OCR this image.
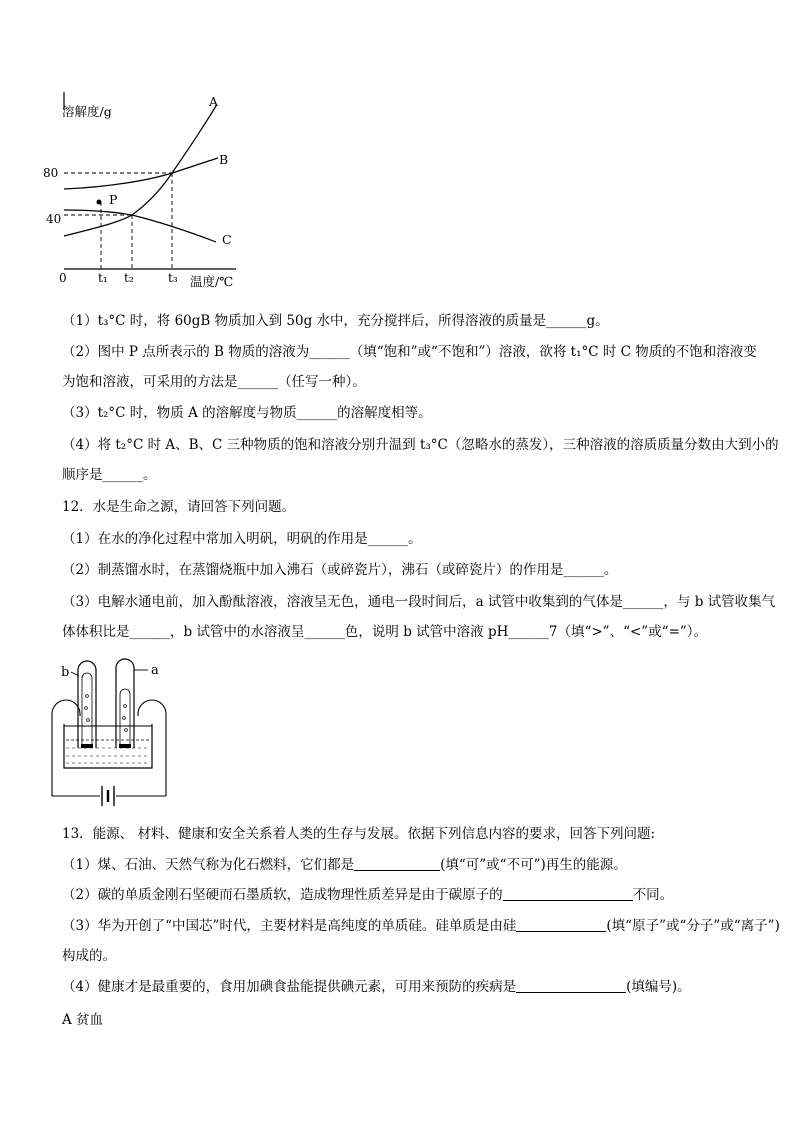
溶解度/g
温度/℃
0
80
40
t₁ t₂	t₃
A
B
C
P
（1）t₃°C 时，将 60gB 物质加入到 50g 水中，充分搅拌后，所得溶液的质量是______g。
（2）图中 P 点所表示的 B 物质的溶液为______（填“饱和”或“不饱和”）溶液，欲将 t₁°C 时 C 物质的不饱和溶液变
为饱和溶液，可采用的方法是______（任写一种）。
（3）t₂°C 时，物质 A 的溶解度与物质______的溶解度相等。
（4）将 t₂°C 时 A、B、C 三种物质的饱和溶液分别升温到 t₃°C（忽略水的蒸发），三种溶液的溶质质量分数由大到小的
顺序是______。
12．水是生命之源，请回答下列问题。
（1）在水的净化过程中常加入明矾，明矾的作用是______。
（2）制蒸馏水时，在蒸馏烧瓶中加入沸石（或碎瓷片），沸石（或碎瓷片）的作用是______。
（3）电解水通电前，加入酚酞溶液，溶液呈无色，通电一段时间后，a 试管中收集到的气体是______，与 b 试管收集气
体体积比是______，b 试管中的水溶液呈______色，说明 b 试管中溶液 pH______7（填“>”、“<”或“=”）。
b	a
13．能源、 材料、健康和安全关系着人类的生存与发展。依据下列信息内容的要求，回答下列问题:
（1）煤、石油、天然气称为化石燃料，它们都是	(填“可”或“不可”)再生的能源。
（2）碳的单质金刚石坚硬而石墨质软，造成物理性质差异是由于碳原子的	不同。
（3）华为开创了“中国芯”时代，主要材料是高纯度的单质硅。硅单质是由硅	(填“原子”或“分子”或“离子”)
构成的。
（4）健康才是最重要的，食用加碘食盐能提供碘元素，可用来预防的疾病是	(填编号)。
A 贫血
